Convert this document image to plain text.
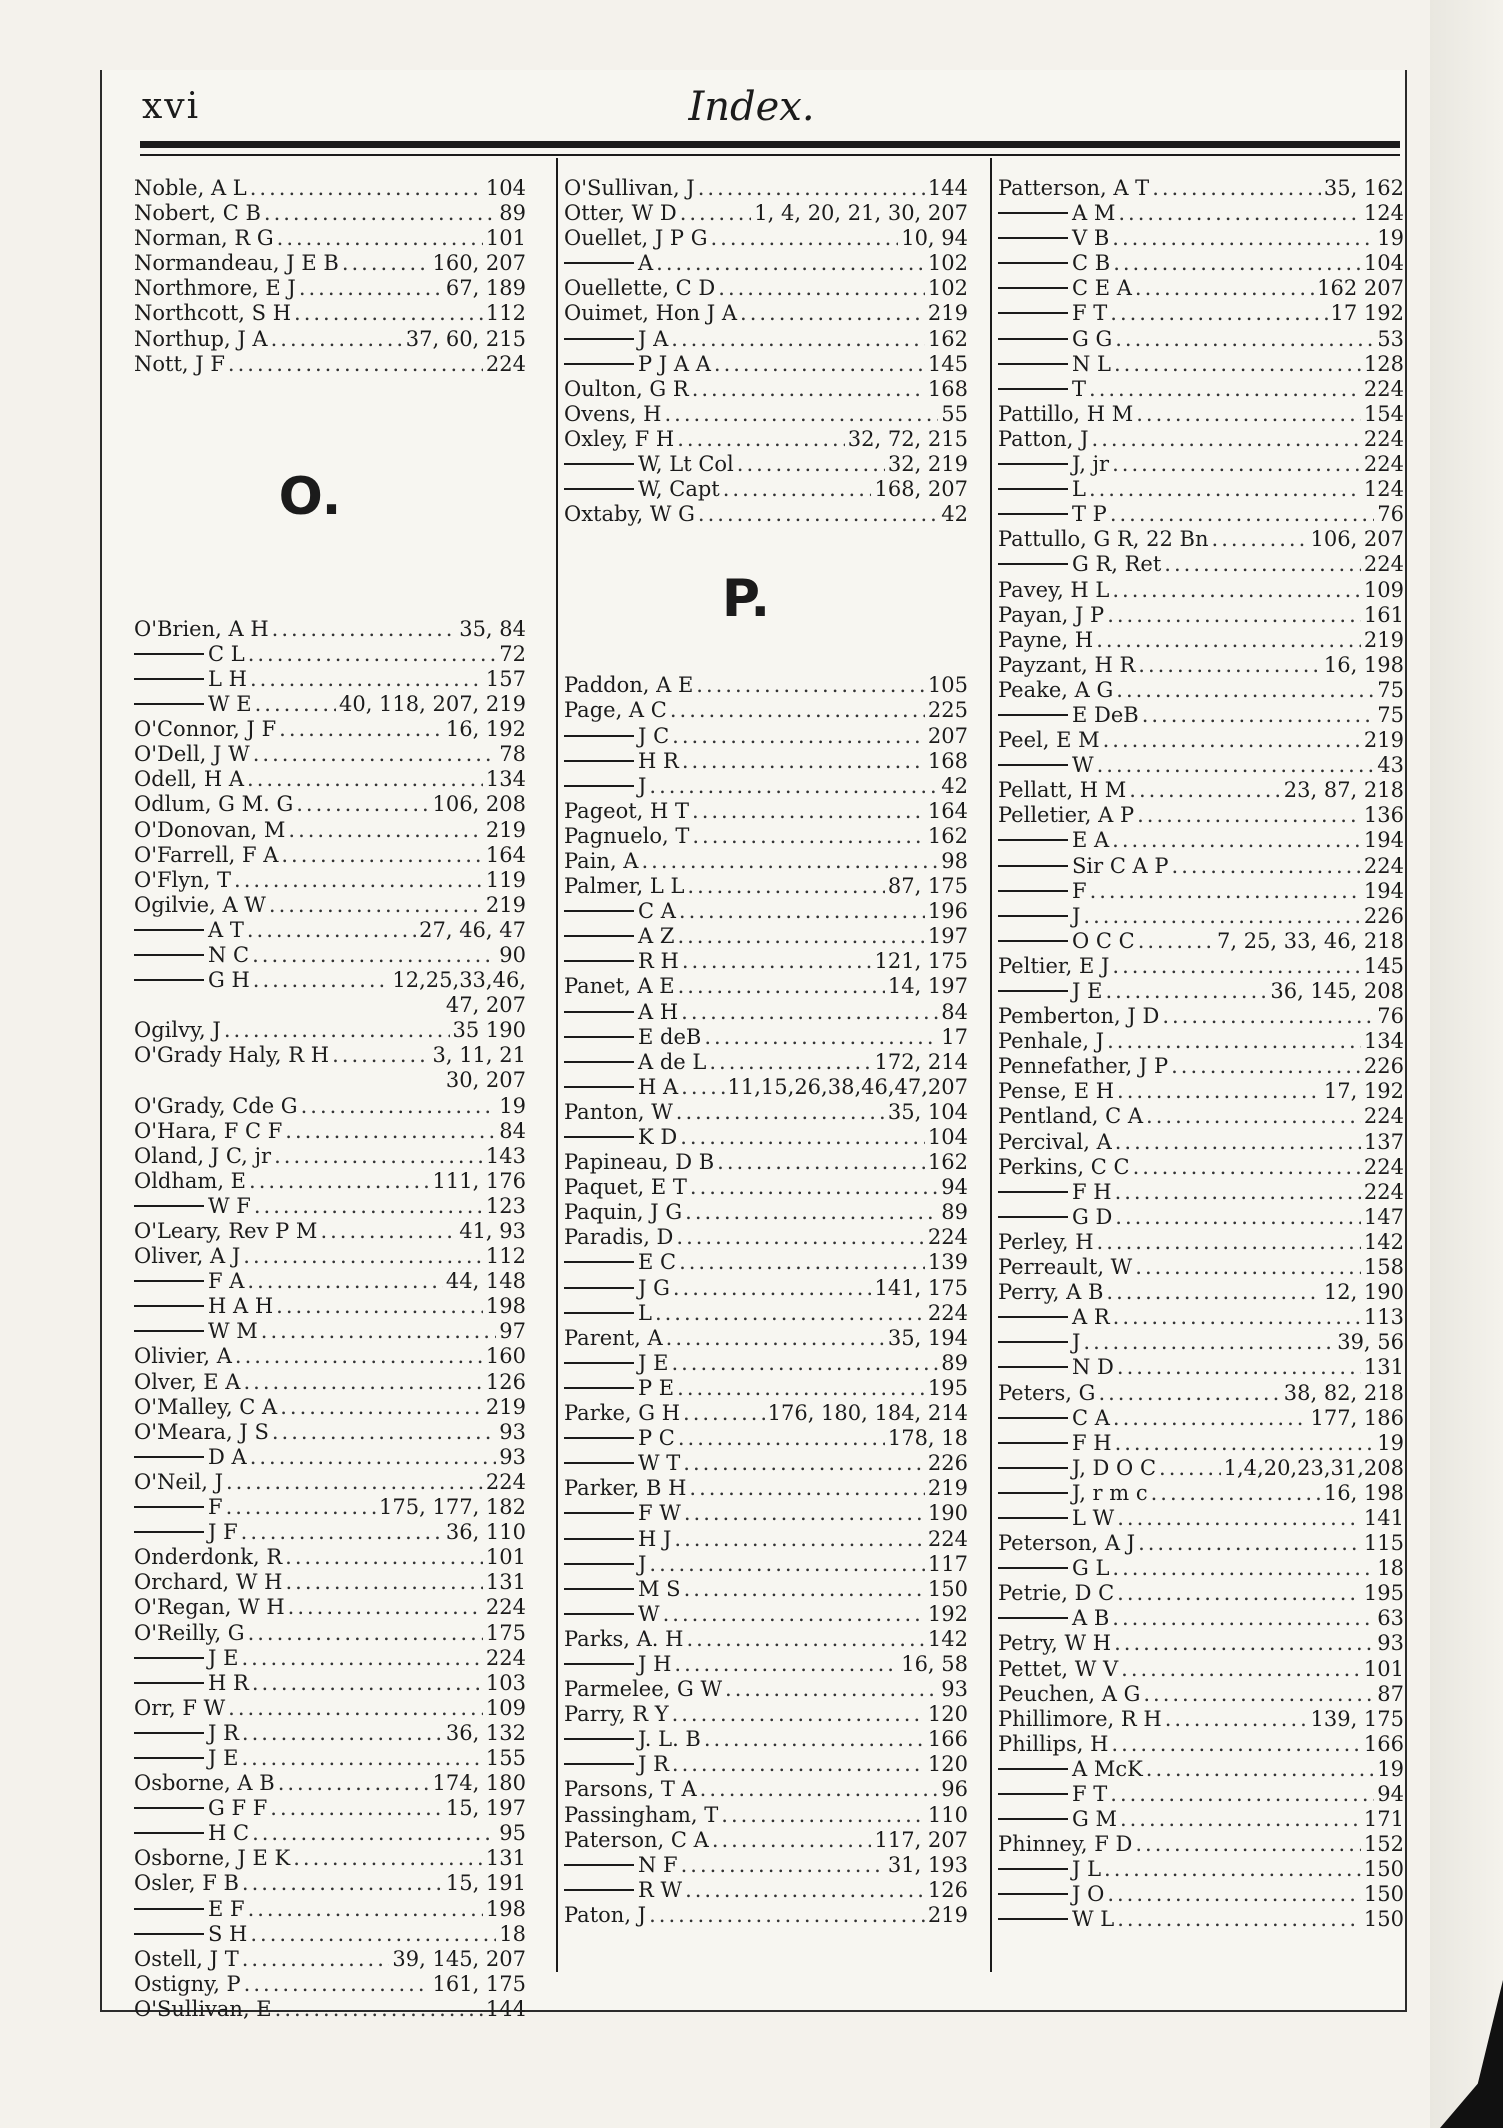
xvi	Index.
Noble, A L .....	104
Nobert, C B .....	89
Norman, R G .....	101
Normandeau, J E B .....	160, 207
Northmore, E J .....	67, 189
Northcott, S H .....	112
Northup, J A .....	37, 60, 215
Nott, J F .....	224
O.
O'Brien, A H .....	35, 84
C L .....	72
L H .....	157
W E .....	40, 118, 207, 219
O'Connor, J F .....	16, 192
O'Dell, J W .....	78
Odell, H A .....	134
Odlum, G M. G .....	106, 208
O'Donovan, M .....	219
O'Farrell, F A .....	164
O'Flyn, T .....	119
Ogilvie, A W .....	219
A T .....	27, 46, 47
N C .....	90
G H .....	12,25,33,46,
47, 207
Ogilvy, J .....	35 190
O'Grady Haly, R H .....	3, 11, 21
30, 207
O'Grady, Cde G .....	19
O'Hara, F C F .....	84
Oland, J C, jr .....	143
Oldham, E .....	111, 176
W F .....	123
O'Leary, Rev P M .....	41, 93
Oliver, A J .....	112
F A .....	44, 148
H A H .....	198
W M .....	97
Olivier, A .....	160
Olver, E A .....	126
O'Malley, C A .....	219
O'Meara, J S .....	93
D A .....	93
O'Neil, J .....	224
F .....	175, 177, 182
J F .....	36, 110
Onderdonk, R .....	101
Orchard, W H .....	131
O'Regan, W H .....	224
O'Reilly, G .....	175
J E .....	224
H R .....	103
Orr, F W .....	109
J R .....	36, 132
J E .....	155
Osborne, A B .....	174, 180
G F F .....	15, 197
H C .....	95
Osborne, J E K .....	131
Osler, F B .....	15, 191
E F .....	198
S H .....	18
Ostell, J T .....	39, 145, 207
Ostigny, P .....	161, 175
O'Sullivan, E .....	144
O'Sullivan, J .....	144
Otter, W D .....	1, 4, 20, 21, 30, 207
Ouellet, J P G .....	10, 94
A .....	102
Ouellette, C D .....	102
Ouimet, Hon J A .....	219
J A .....	162
P J A A .....	145
Oulton, G R .....	168
Ovens, H .....	55
Oxley, F H .....	32, 72, 215
W, Lt Col .....	32, 219
W, Capt .....	168, 207
Oxtaby, W G .....	42
P.
Paddon, A E .....	105
Page, A C .....	225
J C .....	207
H R .....	168
J .....	42
Pageot, H T .....	164
Pagnuelo, T .....	162
Pain, A .....	98
Palmer, L L .....	87, 175
C A .....	196
A Z .....	197
R H .....	121, 175
Panet, A E .....	14, 197
A H .....	84
E deB .....	17
A de L .....	172, 214
H A ..... 11,15,26,38,46,47,207
Panton, W .....	35, 104
K D .....	104
Papineau, D B .....	162
Paquet, E T .....	94
Paquin, J G .....	89
Paradis, D .....	224
E C .....	139
J G .....	141, 175
L .....	224
Parent, A .....	35, 194
J E .....	89
P E .....	195
Parke, G H .....	176, 180, 184, 214
P C .....	178, 18
W T .....	226
Parker, B H .....	219
F W .....	190
H J .....	224
J .....	117
M S .....	150
W .....	192
Parks, A. H .....	142
J H .....	16, 58
Parmelee, G W .....	93
Parry, R Y .....	120
J. L. B .....	166
J R .....	120
Parsons, T A .....	96
Passingham, T .....	110
Paterson, C A .....	117, 207
N F .....	31, 193
R W .....	126
Paton, J .....	219
Patterson, A T .....	35, 162
A M .....	124
V B .....	19
C B .....	104
C E A .....	162 207
F T .....	17 192
G G .....	53
N L .....	128
T .....	224
Pattillo, H M .....	154
Patton, J .....	224
J, jr .....	224
L .....	124
T P .....	76
Pattullo, G R, 22 Bn .....	106, 207
G R, Ret .....	224
Pavey, H L .....	109
Payan, J P .....	161
Payne, H .....	219
Payzant, H R .....	16, 198
Peake, A G .....	75
E DeB .....	75
Peel, E M .....	219
W .....	43
Pellatt, H M .....	23, 87, 218
Pelletier, A P .....	136
E A .....	194
Sir C A P .....	224
F .....	194
J .....	226
O C C .....	7, 25, 33, 46, 218
Peltier, E J .....	145
J E .....	36, 145, 208
Pemberton, J D .....	76
Penhale, J .....	134
Pennefather, J P .....	226
Pense, E H .....	17, 192
Pentland, C A .....	224
Percival, A .....	137
Perkins, C C .....	224
F H .....	224
G D .....	147
Perley, H .....	142
Perreault, W .....	158
Perry, A B .....	12, 190
A R .....	113
J .....	39, 56
N D .....	131
Peters, G .....	38, 82, 218
C A .....	177, 186
F H .....	19
J, D O C .....	1,4,20,23,31,208
J, r m c .....	16, 198
L W .....	141
Peterson, A J .....	115
G L .....	18
Petrie, D C .....	195
A B .....	63
Petry, W H .....	93
Pettet, W V .....	101
Peuchen, A G .....	87
Phillimore, R H .....	139, 175
Phillips, H .....	166
A McK .....	19
F T .....	94
G M .....	171
Phinney, F D .....	152
J L .....	150
J O .....	150
W L .....	150
